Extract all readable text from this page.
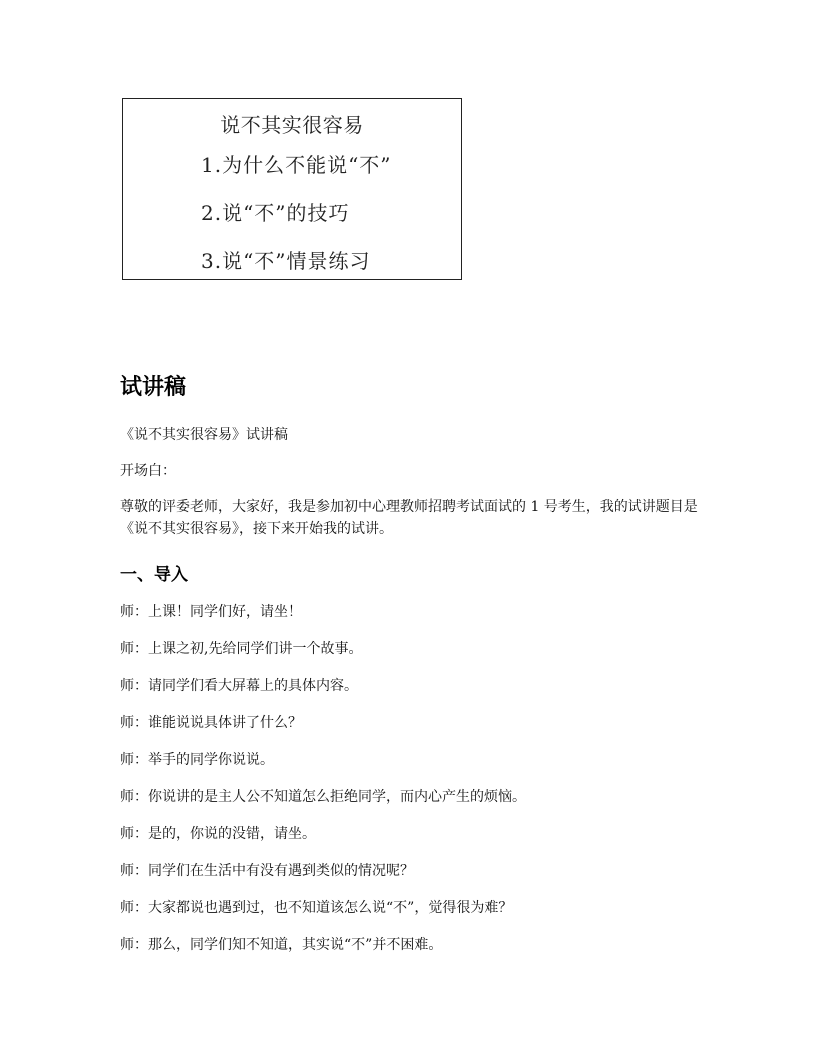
说不其实很容易
1.为什么不能说“不”
2.说“不”的技巧
3.说“不”情景练习
试讲稿
《说不其实很容易》试讲稿
开场白：
尊敬的评委老师，大家好，我是参加初中心理教师招聘考试面试的 1 号考生，我的试讲题目是《说不其实很容易》，接下来开始我的试讲。
一、导入
师：上课！同学们好，请坐！
师：上课之初,先给同学们讲一个故事。
师：请同学们看大屏幕上的具体内容。
师：谁能说说具体讲了什么？
师：举手的同学你说说。
师：你说讲的是主人公不知道怎么拒绝同学，而内心产生的烦恼。
师：是的，你说的没错，请坐。
师：同学们在生活中有没有遇到类似的情况呢？
师：大家都说也遇到过，也不知道该怎么说“不”，觉得很为难？
师：那么，同学们知不知道，其实说“不”并不困难。
